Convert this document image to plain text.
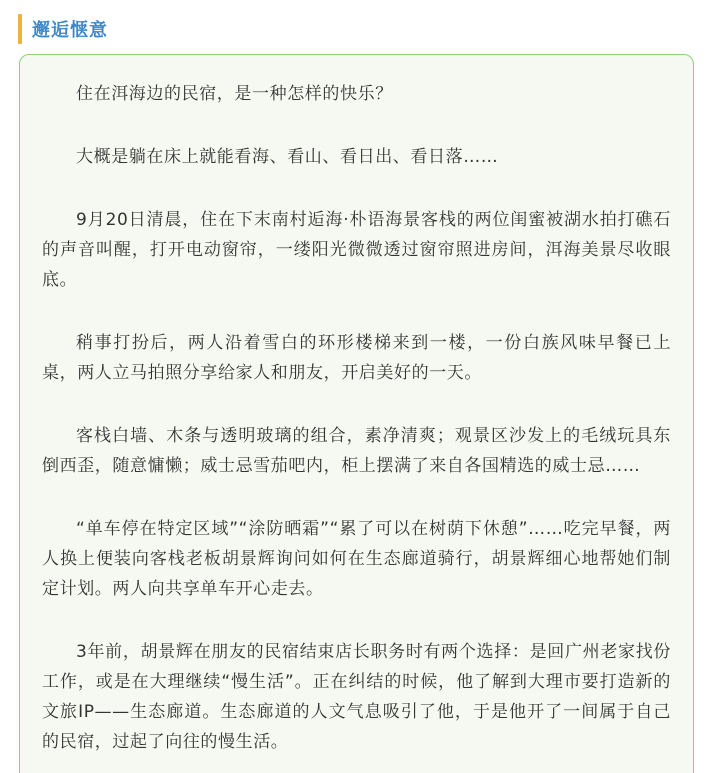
邂逅惬意

住在洱海边的民宿，是一种怎样的快乐？

大概是躺在床上就能看海、看山、看日出、看日落……

9月20日清晨，住在下末南村逅海·朴语海景客栈的两位闺蜜被湖水拍打礁石的声音叫醒，打开电动窗帘，一缕阳光微微透过窗帘照进房间，洱海美景尽收眼底。

稍事打扮后，两人沿着雪白的环形楼梯来到一楼，一份白族风味早餐已上桌，两人立马拍照分享给家人和朋友，开启美好的一天。

客栈白墙、木条与透明玻璃的组合，素净清爽；观景区沙发上的毛绒玩具东倒西歪，随意慵懒；威士忌雪茄吧内，柜上摆满了来自各国精选的威士忌……

“单车停在特定区域”“涂防晒霜”“累了可以在树荫下休憩”……吃完早餐，两人换上便装向客栈老板胡景辉询问如何在生态廊道骑行，胡景辉细心地帮她们制定计划。两人向共享单车开心走去。

3年前，胡景辉在朋友的民宿结束店长职务时有两个选择：是回广州老家找份工作，或是在大理继续“慢生活”。正在纠结的时候，他了解到大理市要打造新的文旅IP——生态廊道。生态廊道的人文气息吸引了他，于是他开了一间属于自己的民宿，过起了向往的慢生活。
